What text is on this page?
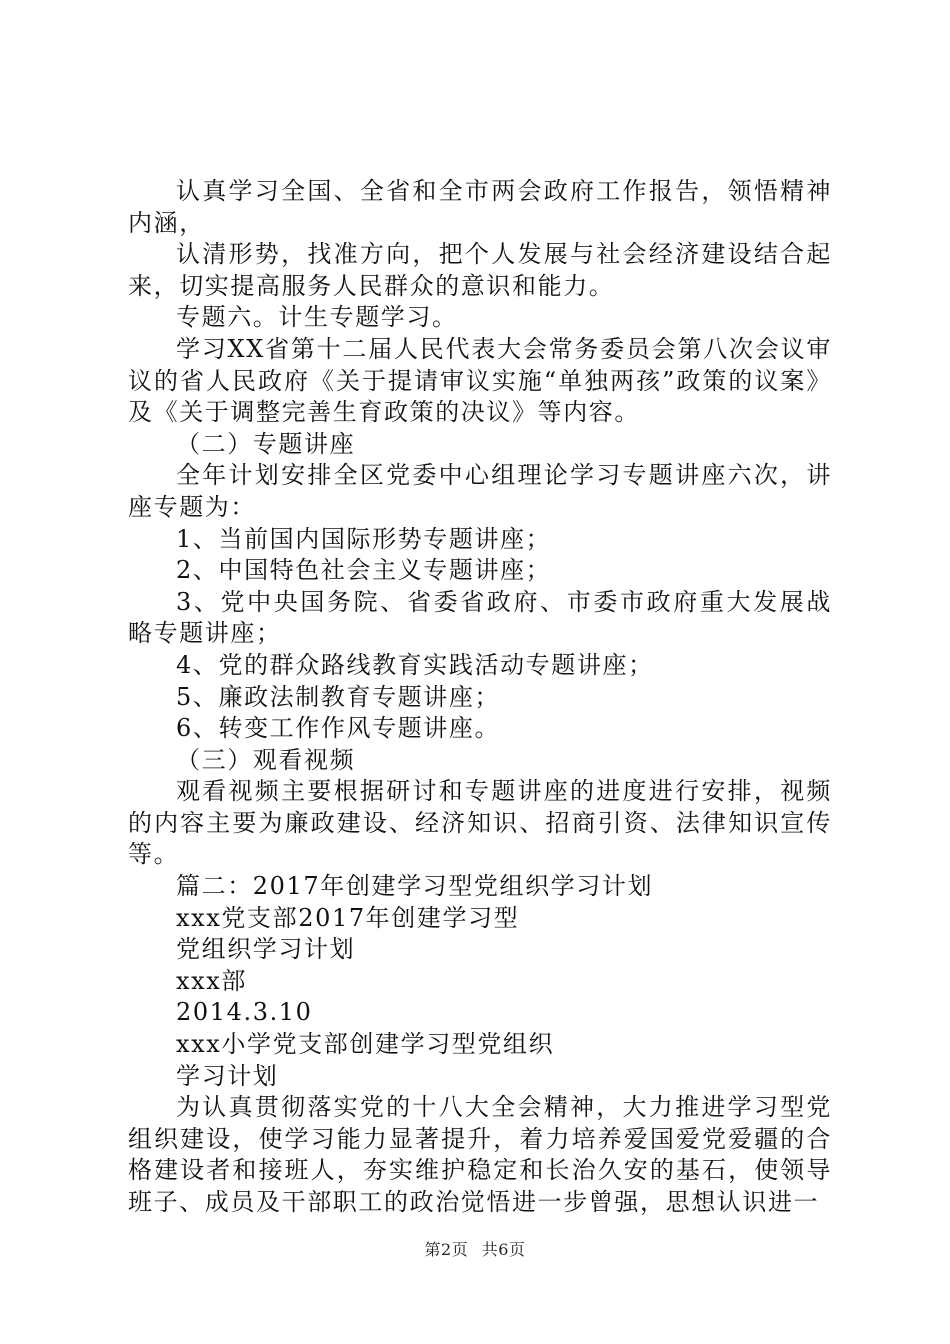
认真学习全国、全省和全市两会政府工作报告，领悟精神内涵，

认清形势，找准方向，把个人发展与社会经济建设结合起来，切实提高服务人民群众的意识和能力。

专题六。计生专题学习。

学习XX省第十二届人民代表大会常务委员会第八次会议审议的省人民政府《关于提请审议实施“单独两孩”政策的议案》及《关于调整完善生育政策的决议》等内容。

（二）专题讲座

全年计划安排全区党委中心组理论学习专题讲座六次，讲座专题为：

1、当前国内国际形势专题讲座；

2、中国特色社会主义专题讲座；

3、党中央国务院、省委省政府、市委市政府重大发展战略专题讲座；

4、党的群众路线教育实践活动专题讲座；

5、廉政法制教育专题讲座；

6、转变工作作风专题讲座。

（三）观看视频

观看视频主要根据研讨和专题讲座的进度进行安排，视频的内容主要为廉政建设、经济知识、招商引资、法律知识宣传等。

篇二：2017年创建学习型党组织学习计划

xxx党支部2017年创建学习型

党组织学习计划

xxx部

2014.3.10

xxx小学党支部创建学习型党组织

学习计划

为认真贯彻落实党的十八大全会精神，大力推进学习型党组织建设，使学习能力显著提升，着力培养爱国爱党爱疆的合格建设者和接班人，夯实维护稳定和长治久安的基石，使领导班子、成员及干部职工的政治觉悟进一步曾强，思想认识进一

第2页 共6页
